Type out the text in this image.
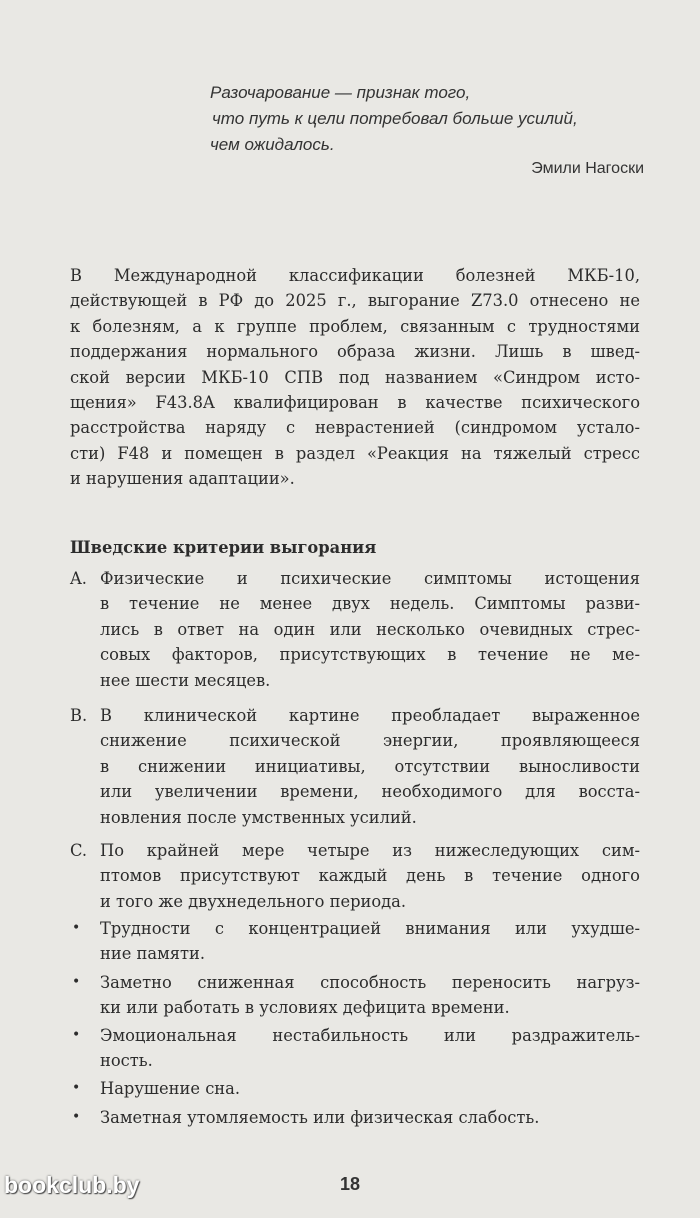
Разочарование — признак того,
что путь к цели потребовал больше усилий,
чем ожидалось.
Эмили Нагоски
В Международной классификации болезней МКБ-10,
действующей в РФ до 2025 г., выгорание Z73.0 отнесено не
к болезням, а к группе проблем, связанным с трудностями
поддержания нормального образа жизни. Лишь в швед-
ской версии МКБ-10 СПВ под названием «Синдром исто-
щения» F43.8A квалифицирован в качестве психического
расстройства наряду с неврастенией (синдромом устало-
сти) F48 и помещен в раздел «Реакция на тяжелый стресс
и нарушения адаптации».
Шведские критерии выгорания
A. Физические и психические симптомы истощения
в течение не менее двух недель. Симптомы разви-
лись в ответ на один или несколько очевидных стрес-
совых факторов, присутствующих в течение не ме-
нее шести месяцев.
B. В клинической картине преобладает выраженное
снижение психической энергии, проявляющееся
в снижении инициативы, отсутствии выносливости
или увеличении времени, необходимого для восста-
новления после умственных усилий.
C. По крайней мере четыре из нижеследующих сим-
птомов присутствуют каждый день в течение одного
и того же двухнедельного периода.
• Трудности с концентрацией внимания или ухудше-
ние памяти.
• Заметно сниженная способность переносить нагруз-
ки или работать в условиях дефицита времени.
• Эмоциональная нестабильность или раздражитель-
ность.
• Нарушение сна.
• Заметная утомляемость или физическая слабость.
18
bookclub.by
